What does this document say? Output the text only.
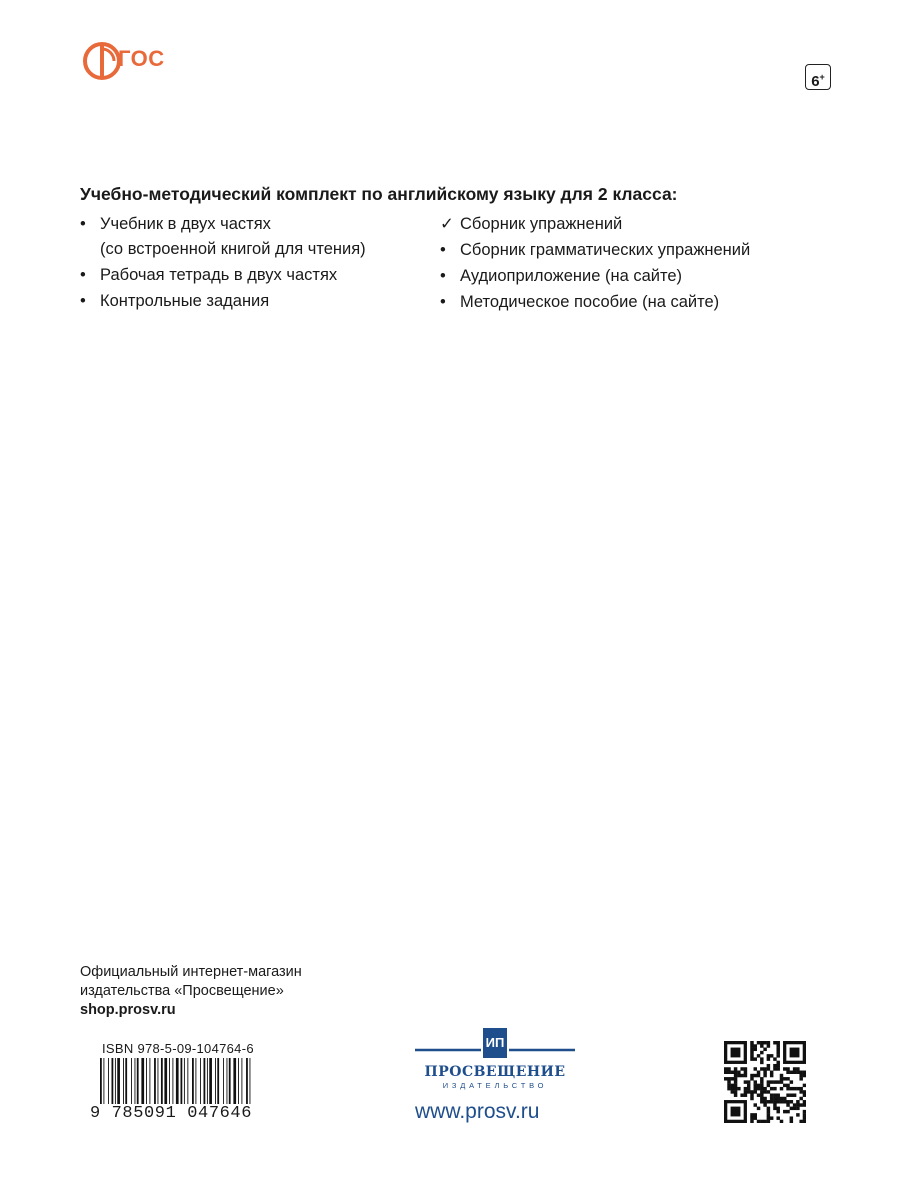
ГОС
6+
Учебно-методический комплект по английскому языку для 2 класса:
• Учебник в двух частях
(со встроенной книгой для чтения)
• Рабочая тетрадь в двух частях
• Контрольные задания
✓ Сборник упражнений
• Сборник грамматических упражнений
• Аудиоприложение (на сайте)
• Методическое пособие (на сайте)
Официальный интернет-магазин
издательства «Просвещение»
shop.prosv.ru
ISBN 978-5-09-104764-6
9 785091 047646
ИП
ПРОСВЕЩЕНИЕ
ИЗДАТЕЛЬСТВО
www.prosv.ru
